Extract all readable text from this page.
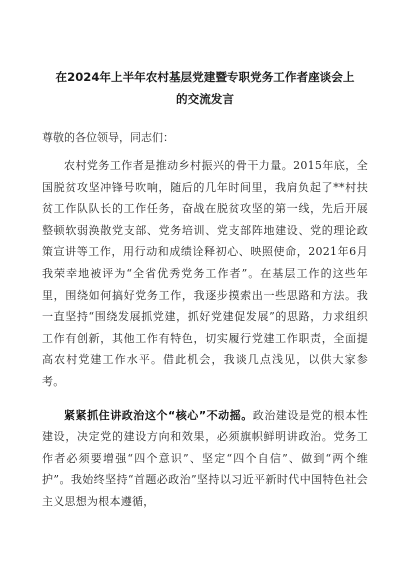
在2024年上半年农村基层党建暨专职党务工作者座谈会上
的交流发言

尊敬的各位领导，同志们：

农村党务工作者是推动乡村振兴的骨干力量。2015年底，全国脱贫攻坚冲锋号吹响，随后的几年时间里，我肩负起了**村扶贫工作队队长的工作任务，奋战在脱贫攻坚的第一线，先后开展整顿软弱涣散党支部、党务培训、党支部阵地建设、党的理论政策宣讲等工作，用行动和成绩诠释初心、映照使命，2021年6月我荣幸地被评为“全省优秀党务工作者”。在基层工作的这些年里，围绕如何搞好党务工作，我逐步摸索出一些思路和方法。我一直坚持“围绕发展抓党建，抓好党建促发展”的思路，力求组织工作有创新，其他工作有特色，切实履行党建工作职责，全面提高农村党建工作水平。借此机会，我谈几点浅见，以供大家参考。

紧紧抓住讲政治这个“核心”不动摇。政治建设是党的根本性建设，决定党的建设方向和效果，必须旗帜鲜明讲政治。党务工作者必须要增强“四个意识”、坚定“四个自信”、做到“两个维护”。我始终坚持“首题必政治”坚持以习近平新时代中国特色社会主义思想为根本遵循，
